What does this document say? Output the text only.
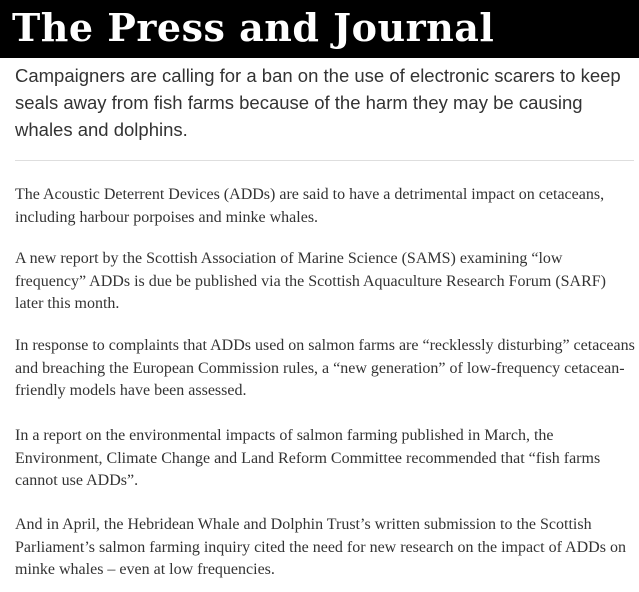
The Press and Journal

Campaigners are calling for a ban on the use of electronic scarers to keep seals away from fish farms because of the harm they may be causing whales and dolphins.

The Acoustic Deterrent Devices (ADDs) are said to have a detrimental impact on cetaceans, including harbour porpoises and minke whales.

A new report by the Scottish Association of Marine Science (SAMS) examining “low frequency” ADDs is due be published via the Scottish Aquaculture Research Forum (SARF) later this month.

In response to complaints that ADDs used on salmon farms are “recklessly disturbing” cetaceans and breaching the European Commission rules, a “new generation” of low-frequency cetacean-friendly models have been assessed.

In a report on the environmental impacts of salmon farming published in March, the Environment, Climate Change and Land Reform Committee recommended that “fish farms cannot use ADDs”.

And in April, the Hebridean Whale and Dolphin Trust’s written submission to the Scottish Parliament’s salmon farming inquiry cited the need for new research on the impact of ADDs on minke whales – even at low frequencies.
